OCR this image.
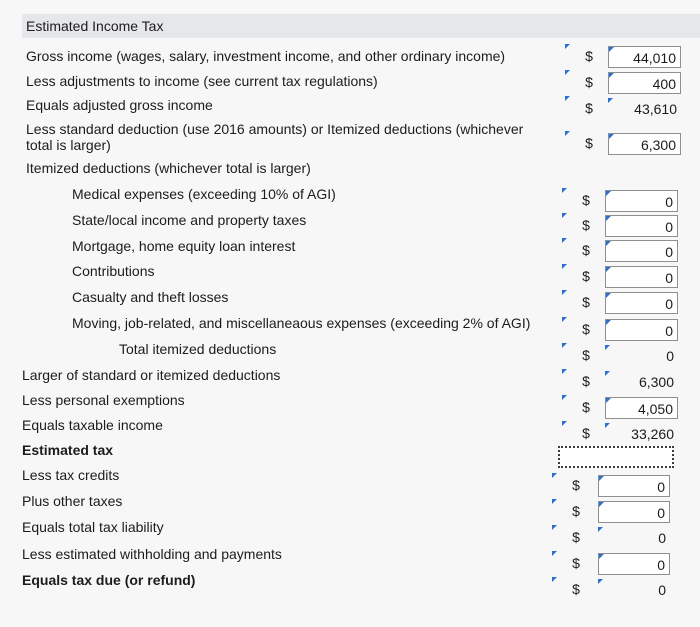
Estimated Income Tax
Gross income (wages, salary, investment income, and other ordinary income)
Less adjustments to income (see current tax regulations)
Equals adjusted gross income
Less standard deduction (use 2016 amounts) or Itemized deductions (whichever
total is larger)
Itemized deductions (whichever total is larger)
Medical expenses (exceeding 10% of AGI)
State/local income and property taxes
Mortgage, home equity loan interest
Contributions
Casualty and theft losses
Moving, job-related, and miscellaneaous expenses (exceeding 2% of AGI)
Total itemized deductions
Larger of standard or itemized deductions
Less personal exemptions
Equals taxable income
Estimated tax
Less tax credits
Plus other taxes
Equals total tax liability
Less estimated withholding and payments
Equals tax due (or refund)
$
$
$
$
$
$
$
$
$
$
$
$
$
$
$
$
$
$
$
44,010
400
43,610
6,300
0
0
0
0
0
0
0
6,300
4,050
33,260
0
0
0
0
0
